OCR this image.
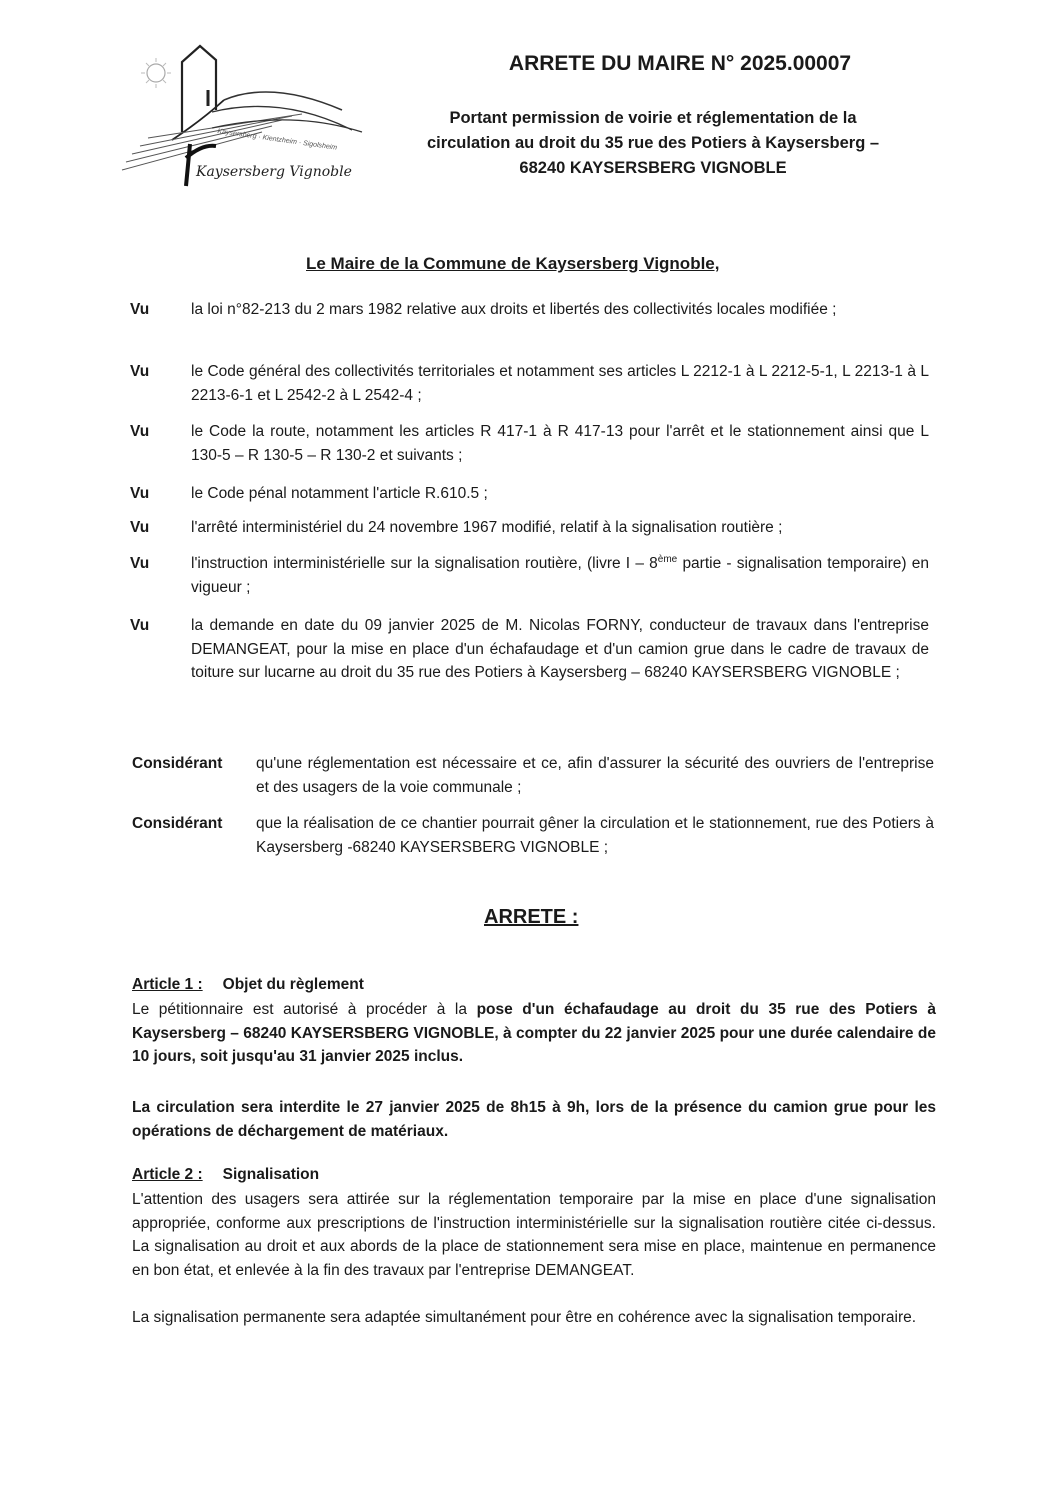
Kaysersberg · Kientzheim · Sigolsheim
Kaysersberg Vignoble
ARRETE DU MAIRE N° 2025.00007
Portant permission de voirie et réglementation de la
circulation au droit du 35 rue des Potiers à Kaysersberg –
68240 KAYSERSBERG VIGNOBLE
Le Maire de la Commune de Kaysersberg Vignoble,
Vu	la loi n°82-213 du 2 mars 1982 relative aux droits et libertés des collectivités locales modifiée ;
Vu	le Code général des collectivités territoriales et notamment ses articles L 2212-1 à L 2212-5-1, L 2213-1 à L 2213-6-1 et L 2542-2 à L 2542-4 ;
Vu	le Code la route, notamment les articles R 417-1 à R 417-13 pour l'arrêt et le stationnement ainsi que L 130-5 – R 130-5 – R 130-2 et suivants ;
Vu	le Code pénal notamment l'article R.610.5 ;
Vu	l'arrêté interministériel du 24 novembre 1967 modifié, relatif à la signalisation routière ;
Vu	l'instruction interministérielle sur la signalisation routière, (livre I – 8ème partie - signalisation temporaire) en vigueur ;
Vu	la demande en date du 09 janvier 2025 de M. Nicolas FORNY, conducteur de travaux dans l'entreprise DEMANGEAT, pour la mise en place d'un échafaudage et d'un camion grue dans le cadre de travaux de toiture sur lucarne au droit du 35 rue des Potiers à Kaysersberg – 68240 KAYSERSBERG VIGNOBLE ;
Considérant qu'une réglementation est nécessaire et ce, afin d'assurer la sécurité des ouvriers de l'entreprise et des usagers de la voie communale ;
Considérant que la réalisation de ce chantier pourrait gêner la circulation et le stationnement, rue des Potiers à Kaysersberg -68240 KAYSERSBERG VIGNOBLE ;
ARRETE :
Article 1 : Objet du règlement
Le pétitionnaire est autorisé à procéder à la pose d'un échafaudage au droit du 35 rue des Potiers à Kaysersberg – 68240 KAYSERSBERG VIGNOBLE, à compter du 22 janvier 2025 pour une durée calendaire de 10 jours, soit jusqu'au 31 janvier 2025 inclus.
La circulation sera interdite le 27 janvier 2025 de 8h15 à 9h, lors de la présence du camion grue pour les opérations de déchargement de matériaux.
Article 2 : Signalisation
L'attention des usagers sera attirée sur la réglementation temporaire par la mise en place d'une signalisation appropriée, conforme aux prescriptions de l'instruction interministérielle sur la signalisation routière citée ci-dessus. La signalisation au droit et aux abords de la place de stationnement sera mise en place, maintenue en permanence en bon état, et enlevée à la fin des travaux par l'entreprise DEMANGEAT.
La signalisation permanente sera adaptée simultanément pour être en cohérence avec la signalisation temporaire.
